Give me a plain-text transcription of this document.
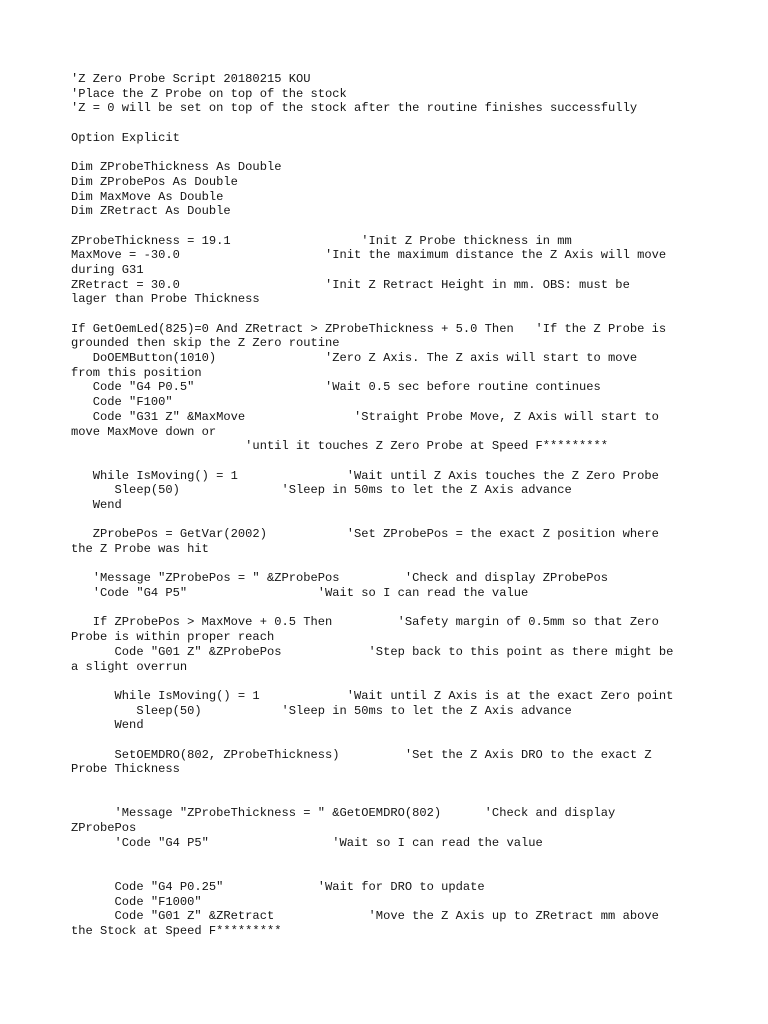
'Z Zero Probe Script 20180215 KOU
'Place the Z Probe on top of the stock
'Z = 0 will be set on top of the stock after the routine finishes successfully
Option Explicit
Dim ZProbeThickness As Double
Dim ZProbePos As Double
Dim MaxMove As Double
Dim ZRetract As Double
ZProbeThickness = 19.1                  'Init Z Probe thickness in mm
MaxMove = -30.0                    'Init the maximum distance the Z Axis will move
during G31
ZRetract = 30.0                    'Init Z Retract Height in mm. OBS: must be
lager than Probe Thickness
If GetOemLed(825)=0 And ZRetract > ZProbeThickness + 5.0 Then   'If the Z Probe is
grounded then skip the Z Zero routine
DoOEMButton(1010)               'Zero Z Axis. The Z axis will start to move
from this position
Code "G4 P0.5"                  'Wait 0.5 sec before routine continues
Code "F100"
Code "G31 Z" &MaxMove               'Straight Probe Move, Z Axis will start to
move MaxMove down or
'until it touches Z Zero Probe at Speed F*********
While IsMoving() = 1               'Wait until Z Axis touches the Z Zero Probe
Sleep(50)              'Sleep in 50ms to let the Z Axis advance
Wend
ZProbePos = GetVar(2002)           'Set ZProbePos = the exact Z position where
the Z Probe was hit
'Message "ZProbePos = " &ZProbePos         'Check and display ZProbePos
'Code "G4 P5"                  'Wait so I can read the value
If ZProbePos > MaxMove + 0.5 Then         'Safety margin of 0.5mm so that Zero
Probe is within proper reach
Code "G01 Z" &ZProbePos            'Step back to this point as there might be
a slight overrun
While IsMoving() = 1            'Wait until Z Axis is at the exact Zero point
Sleep(50)           'Sleep in 50ms to let the Z Axis advance
Wend
SetOEMDRO(802, ZProbeThickness)         'Set the Z Axis DRO to the exact Z
Probe Thickness
'Message "ZProbeThickness = " &GetOEMDRO(802)      'Check and display
ZProbePos
'Code "G4 P5"                 'Wait so I can read the value
Code "G4 P0.25"             'Wait for DRO to update
Code "F1000"
Code "G01 Z" &ZRetract             'Move the Z Axis up to ZRetract mm above
the Stock at Speed F*********
